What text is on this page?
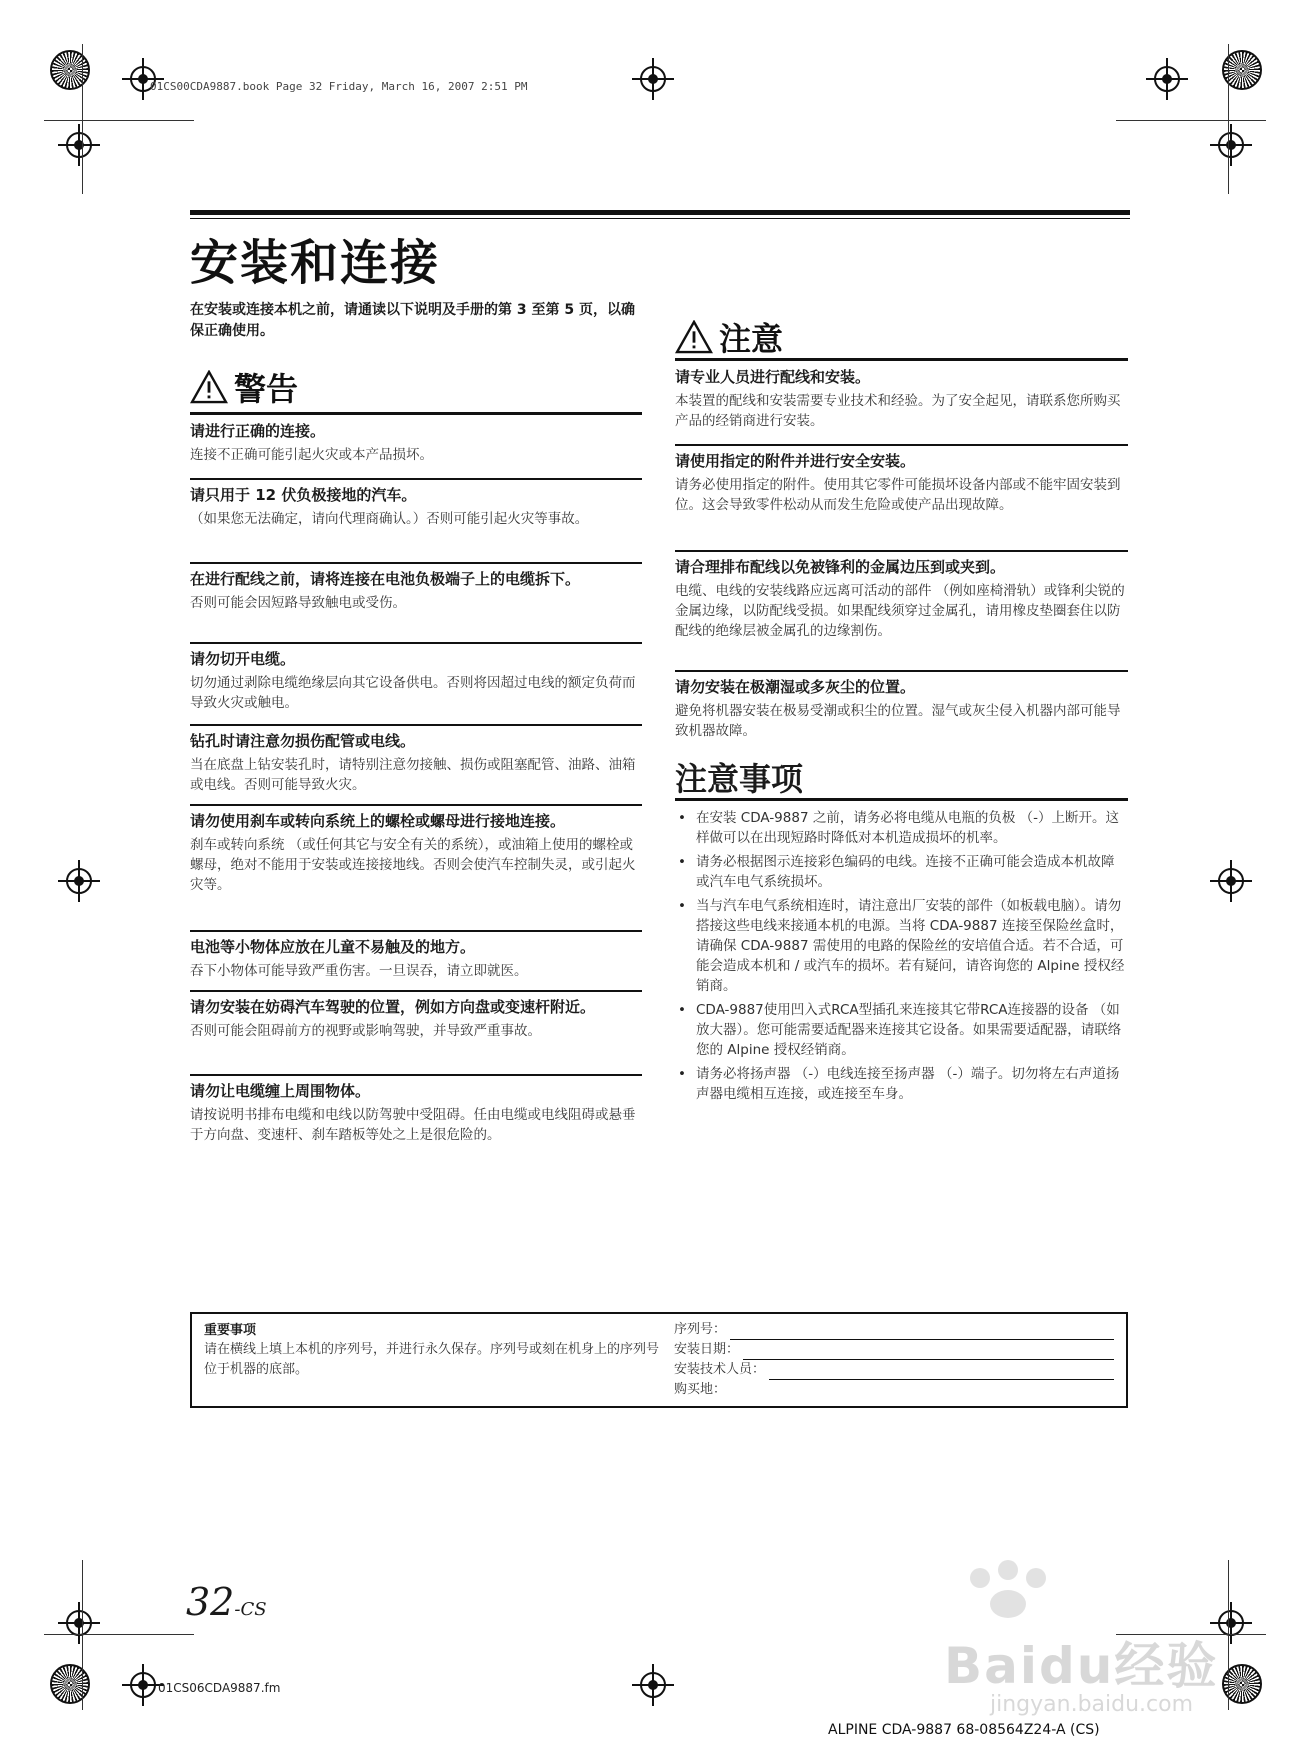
01CS00CDA9887.book Page 32 Friday, March 16, 2007 2:51 PM
安装和连接
在安装或连接本机之前，请通读以下说明及手册的第 3 至第 5 页，以确保正确使用。
警告
请进行正确的连接。
连接不正确可能引起火灾或本产品损坏。
请只用于 12 伏负极接地的汽车。
（如果您无法确定，请向代理商确认。）否则可能引起火灾等事故。
在进行配线之前，请将连接在电池负极端子上的电缆拆下。
否则可能会因短路导致触电或受伤。
请勿切开电缆。
切勿通过剥除电缆绝缘层向其它设备供电。否则将因超过电线的额定负荷而导致火灾或触电。
钻孔时请注意勿损伤配管或电线。
当在底盘上钻安装孔时，请特别注意勿接触、损伤或阻塞配管、油路、油箱或电线。否则可能导致火灾。
请勿使用刹车或转向系统上的螺栓或螺母进行接地连接。
刹车或转向系统 （或任何其它与安全有关的系统），或油箱上使用的螺栓或螺母，绝对不能用于安装或连接接地线。否则会使汽车控制失灵，或引起火灾等。
电池等小物体应放在儿童不易触及的地方。
吞下小物体可能导致严重伤害。一旦误吞，请立即就医。
请勿安装在妨碍汽车驾驶的位置，例如方向盘或变速杆附近。
否则可能会阻碍前方的视野或影响驾驶，并导致严重事故。
请勿让电缆缠上周围物体。
请按说明书排布电缆和电线以防驾驶中受阻碍。任由电缆或电线阻碍或悬垂于方向盘、变速杆、刹车踏板等处之上是很危险的。
注意
请专业人员进行配线和安装。
本装置的配线和安装需要专业技术和经验。为了安全起见，请联系您所购买产品的经销商进行安装。
请使用指定的附件并进行安全安装。
请务必使用指定的附件。使用其它零件可能损坏设备内部或不能牢固安装到位。这会导致零件松动从而发生危险或使产品出现故障。
请合理排布配线以免被锋利的金属边压到或夹到。
电缆、电线的安装线路应远离可活动的部件 （例如座椅滑轨）或锋利尖锐的金属边缘，以防配线受损。如果配线须穿过金属孔，请用橡皮垫圈套住以防配线的绝缘层被金属孔的边缘割伤。
请勿安装在极潮湿或多灰尘的位置。
避免将机器安装在极易受潮或积尘的位置。湿气或灰尘侵入机器内部可能导致机器故障。
注意事项
• 在安装 CDA-9887 之前，请务必将电缆从电瓶的负极 （-）上断开。这样做可以在出现短路时降低对本机造成损坏的机率。
• 请务必根据图示连接彩色编码的电线。连接不正确可能会造成本机故障或汽车电气系统损坏。
• 当与汽车电气系统相连时，请注意出厂安装的部件（如板载电脑）。请勿搭接这些电线来接通本机的电源。当将 CDA-9887 连接至保险丝盒时，请确保 CDA-9887 需使用的电路的保险丝的安培值合适。若不合适，可能会造成本机和 / 或汽车的损坏。若有疑问，请咨询您的 Alpine 授权经销商。
• CDA-9887使用凹入式RCA型插孔来连接其它带RCA连接器的设备 （如放大器）。您可能需要适配器来连接其它设备。如果需要适配器，请联络您的 Alpine 授权经销商。
• 请务必将扬声器 （-）电线连接至扬声器 （-）端子。切勿将左右声道扬声器电缆相互连接，或连接至车身。
重要事项
请在横线上填上本机的序列号，并进行永久保存。序列号或刻在机身上的序列号位于机器的底部。
序列号：
安装日期：
安装技术人员：
购买地：
32-CS
01CS06CDA9887.fm
ALPINE CDA-9887 68-08564Z24-A (CS)
Baidu经验
jingyan.baidu.com
